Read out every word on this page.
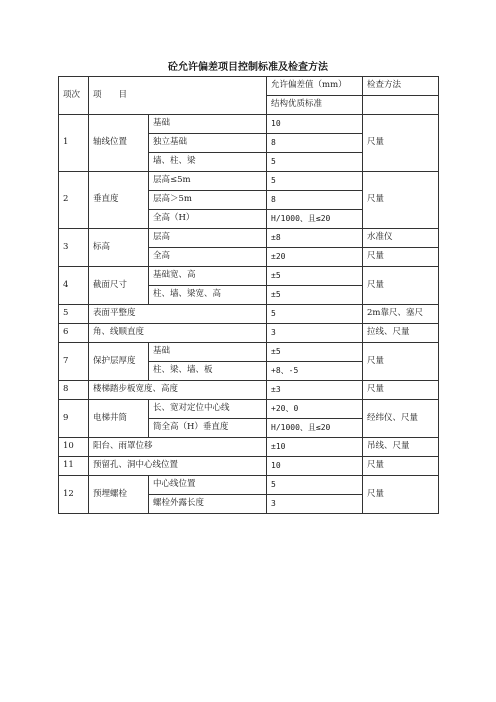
砼允许偏差项目控制标准及检查方法
项次	项　　目		允许偏差值（mm）	检查方法
			结构优质标准	
1	轴线位置	基础	10	尺量
		独立基础	8	
		墙、柱、梁	5	
2	垂直度	层高≤5m	5	尺量
		层高＞5m	8	
		全高（H）	H/1000、且≤20	
3	标高	层高	±8	水准仪
		全高	±20	尺量
4	截面尺寸	基础宽、高	±5	尺量
		柱、墙、梁宽、高	±5	
5	表面平整度		5	2m靠尺、塞尺
6	角、线顺直度		3	拉线、尺量
7	保护层厚度	基础	±5	尺量
		柱、梁、墙、板	+8、-5	
8	楼梯踏步板宽度、高度		±3	尺量
9	电梯井筒	长、宽对定位中心线	+20、0	经纬仪、尺量
		筒全高（H）垂直度	H/1000、且≤20	
10	阳台、雨罩位移		±10	吊线、尺量
11	预留孔、洞中心线位置		10	尺量
12	预埋螺栓	中心线位置	5	尺量
		螺栓外露长度	3	
